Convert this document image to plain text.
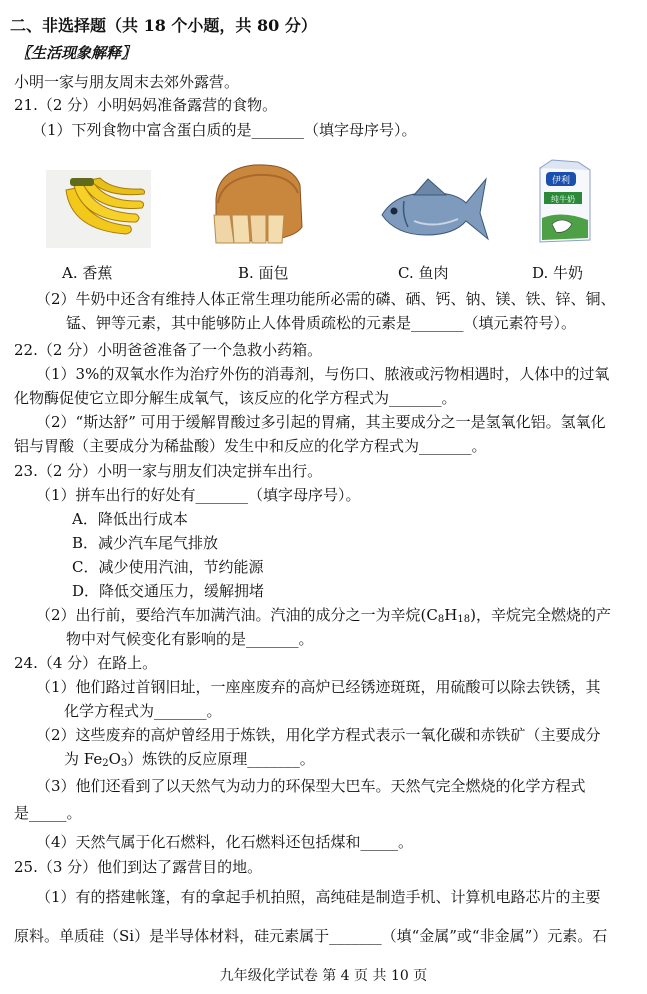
二、非选择题（共 18 个小题，共 80 分）
〖生活现象解释〗
小明一家与朋友周末去郊外露营。
21.（2 分）小明妈妈准备露营的食物。
（1）下列食物中富含蛋白质的是_______（填字母序号）。
伊利
纯牛奶
A. 香蕉	B. 面包	C. 鱼肉	D. 牛奶
（2）牛奶中还含有维持人体正常生理功能所必需的磷、硒、钙、钠、镁、铁、锌、铜、
锰、钾等元素，其中能够防止人体骨质疏松的元素是_______（填元素符号）。
22.（2 分）小明爸爸准备了一个急救小药箱。
（1）3%的双氧水作为治疗外伤的消毒剂，与伤口、脓液或污物相遇时，人体中的过氧
化物酶促使它立即分解生成氧气，该反应的化学方程式为_______。
（2）“斯达舒” 可用于缓解胃酸过多引起的胃痛，其主要成分之一是氢氧化铝。氢氧化
铝与胃酸（主要成分为稀盐酸）发生中和反应的化学方程式为_______。
23.（2 分）小明一家与朋友们决定拼车出行。
（1）拼车出行的好处有_______（填字母序号）。
A．降低出行成本
B．减少汽车尾气排放
C．减少使用汽油，节约能源
D．降低交通压力，缓解拥堵
（2）出行前，要给汽车加满汽油。汽油的成分之一为辛烷$(C_8H_{18})$，辛烷完全燃烧的产
物中对气候变化有影响的是_______。
24.（4 分）在路上。
（1）他们路过首钢旧址，一座座废弃的高炉已经锈迹斑斑，用硫酸可以除去铁锈，其
化学方程式为_______。
（2）这些废弃的高炉曾经用于炼铁，用化学方程式表示一氧化碳和赤铁矿（主要成分
为 $Fe_2O_3$）炼铁的反应原理_______。
（3）他们还看到了以天然气为动力的环保型大巴车。天然气完全燃烧的化学方程式
是_____。
（4）天然气属于化石燃料，化石燃料还包括煤和_____。
25.（3 分）他们到达了露营目的地。
（1）有的搭建帐篷，有的拿起手机拍照，高纯硅是制造手机、计算机电路芯片的主要
原料。单质硅（Si）是半导体材料，硅元素属于_______（填“金属”或“非金属”）元素。石
九年级化学试卷 第 4 页 共 10 页
